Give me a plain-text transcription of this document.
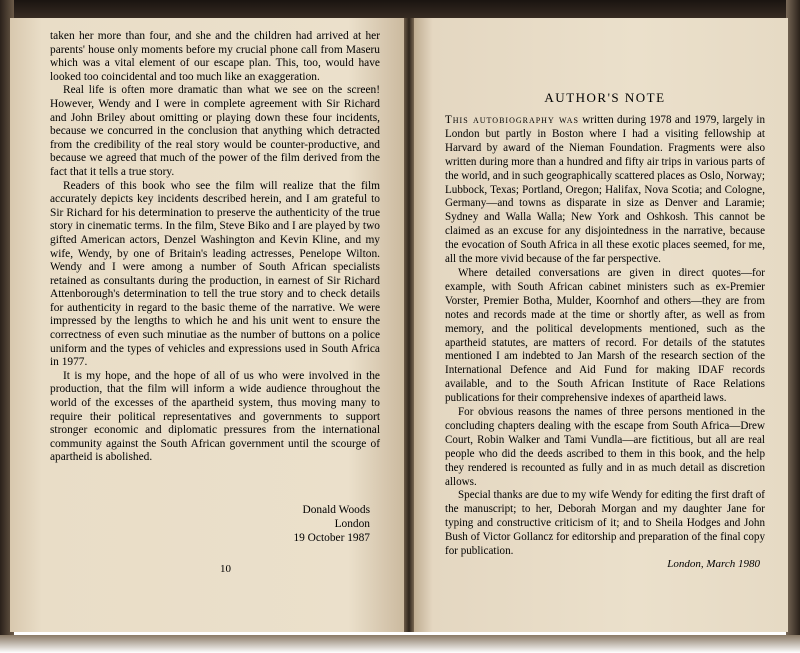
taken her more than four, and she and the children had arrived at her parents' house only moments before my crucial phone call from Maseru which was a vital element of our escape plan. This, too, would have looked too coincidental and too much like an exaggeration.

Real life is often more dramatic than what we see on the screen! However, Wendy and I were in complete agreement with Sir Richard and John Briley about omitting or playing down these four incidents, because we concurred in the conclusion that anything which detracted from the credibility of the real story would be counter-productive, and because we agreed that much of the power of the film derived from the fact that it tells a true story.

Readers of this book who see the film will realize that the film accurately depicts key incidents described herein, and I am grateful to Sir Richard for his determination to preserve the authenticity of the true story in cinematic terms. In the film, Steve Biko and I are played by two gifted American actors, Denzel Washington and Kevin Kline, and my wife, Wendy, by one of Britain's leading actresses, Penelope Wilton. Wendy and I were among a number of South African specialists retained as consultants during the production, in earnest of Sir Richard Attenborough's determination to tell the true story and to check details for authenticity in regard to the basic theme of the narrative. We were impressed by the lengths to which he and his unit went to ensure the correctness of even such minutiae as the number of buttons on a police uniform and the types of vehicles and expressions used in South Africa in 1977.

It is my hope, and the hope of all of us who were involved in the production, that the film will inform a wide audience throughout the world of the excesses of the apartheid system, thus moving many to require their political representatives and governments to support stronger economic and diplomatic pressures from the international community against the South African government until the scourge of apartheid is abolished.

Donald Woods
London
19 October 1987
10
AUTHOR'S NOTE

This autobiography was written during 1978 and 1979, largely in London but partly in Boston where I had a visiting fellowship at Harvard by award of the Nieman Foundation. Fragments were also written during more than a hundred and fifty air trips in various parts of the world, and in such geographically scattered places as Oslo, Norway; Lubbock, Texas; Portland, Oregon; Halifax, Nova Scotia; and Cologne, Germany—and towns as disparate in size as Denver and Laramie; Sydney and Walla Walla; New York and Oshkosh. This cannot be claimed as an excuse for any disjointedness in the narrative, because the evocation of South Africa in all these exotic places seemed, for me, all the more vivid because of the far perspective.

Where detailed conversations are given in direct quotes—for example, with South African cabinet ministers such as ex-Premier Vorster, Premier Botha, Mulder, Koornhof and others—they are from notes and records made at the time or shortly after, as well as from memory, and the political developments mentioned, such as the apartheid statutes, are matters of record. For details of the statutes mentioned I am indebted to Jan Marsh of the research section of the International Defence and Aid Fund for making IDAF records available, and to the South African Institute of Race Relations publications for their comprehensive indexes of apartheid laws.

For obvious reasons the names of three persons mentioned in the concluding chapters dealing with the escape from South Africa—Drew Court, Robin Walker and Tami Vundla—are fictitious, but all are real people who did the deeds ascribed to them in this book, and the help they rendered is recounted as fully and in as much detail as discretion allows.

Special thanks are due to my wife Wendy for editing the first draft of the manuscript; to her, Deborah Morgan and my daughter Jane for typing and constructive criticism of it; and to Sheila Hodges and John Bush of Victor Gollancz for editorship and preparation of the final copy for publication.

London, March 1980
